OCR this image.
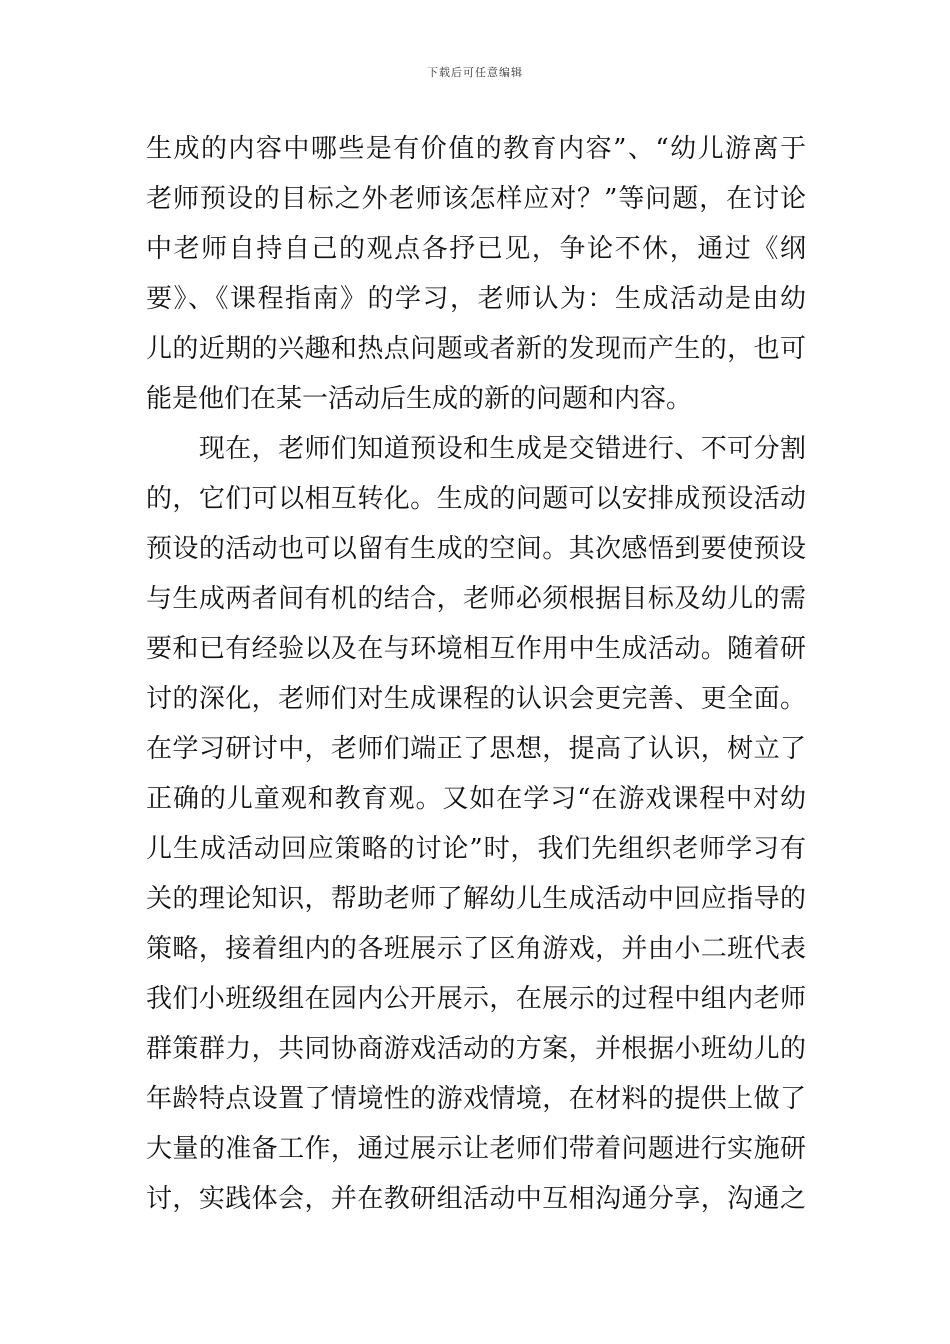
下载后可任意编辑
生成的内容中哪些是有价值的教育内容”、“幼儿游离于
老师预设的目标之外老师该怎样应对？”等问题，在讨论
中老师自持自己的观点各抒已见，争论不休，通过《纲
要》、《课程指南》的学习，老师认为：生成活动是由幼
儿的近期的兴趣和热点问题或者新的发现而产生的，也可
能是他们在某一活动后生成的新的问题和内容。
　　现在，老师们知道预设和生成是交错进行、不可分割
的，它们可以相互转化。生成的问题可以安排成预设活动
预设的活动也可以留有生成的空间。其次感悟到要使预设
与生成两者间有机的结合，老师必须根据目标及幼儿的需
要和已有经验以及在与环境相互作用中生成活动。随着研
讨的深化，老师们对生成课程的认识会更完善、更全面。
在学习研讨中，老师们端正了思想，提高了认识，树立了
正确的儿童观和教育观。又如在学习“在游戏课程中对幼
儿生成活动回应策略的讨论”时，我们先组织老师学习有
关的理论知识，帮助老师了解幼儿生成活动中回应指导的
策略，接着组内的各班展示了区角游戏，并由小二班代表
我们小班级组在园内公开展示，在展示的过程中组内老师
群策群力，共同协商游戏活动的方案，并根据小班幼儿的
年龄特点设置了情境性的游戏情境，在材料的提供上做了
大量的准备工作，通过展示让老师们带着问题进行实施研
讨，实践体会，并在教研组活动中互相沟通分享，沟通之
